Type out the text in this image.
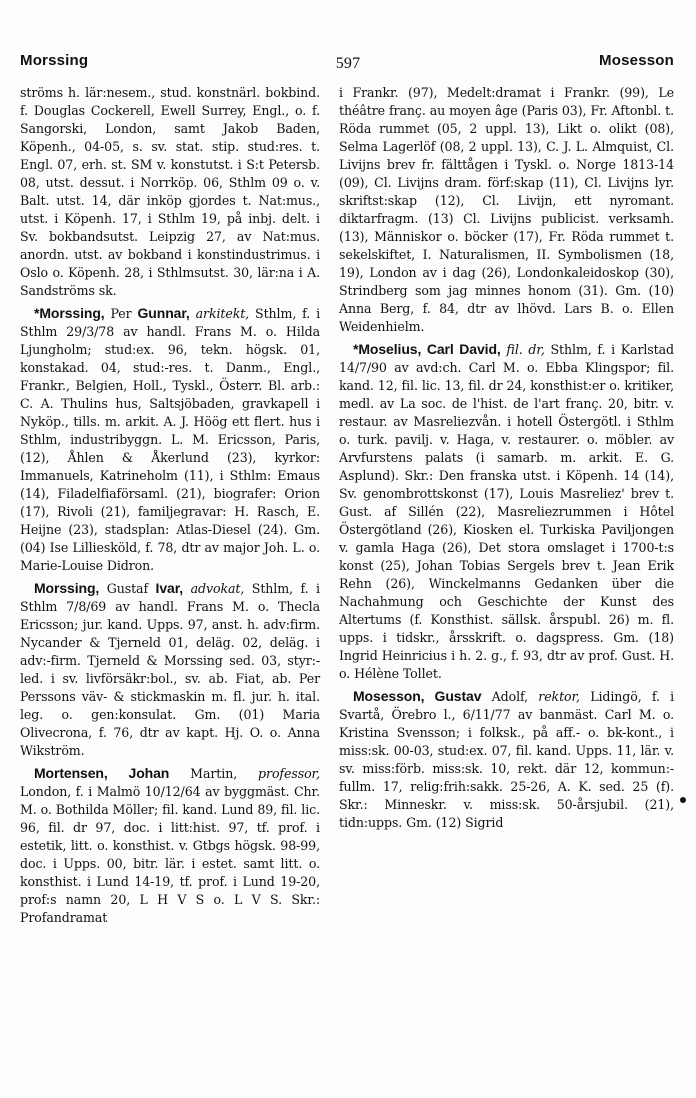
Morssing	597	Mosesson

ströms h. lär:nesem., stud. konstnärl. bokbind. f. Douglas Cockerell, Ewell Surrey, Engl., o. f. Sangorski, London, samt Jakob Baden, Köpenh., 04-05, s. sv. stat. stip. stud:res. t. Engl. 07, erh. st. SM v. konstutst. i S:t Petersb. 08, utst. dessut. i Norrköp. 06, Sthlm 09 o. v. Balt. utst. 14, där inköp gjordes t. Nat:mus., utst. i Köpenh. 17, i Sthlm 19, på inbj. delt. i Sv. bokbandsutst. Leipzig 27, av Nat:mus. anordn. utst. av bokband i konstindustrimus. i Oslo o. Köpenh. 28, i Sthlmsutst. 30, lär:na i A. Sandströms sk.

*Morssing, Per Gunnar, arkitekt, Sthlm, f. i Sthlm 29/3/78 av handl. Frans M. o. Hilda Ljungholm; stud:ex. 96, tekn. högsk. 01, konstakad. 04, stud:-res. t. Danm., Engl., Frankr., Belgien, Holl., Tyskl., Österr. Bl. arb.: C. A. Thulins hus, Saltsjöbaden, gravkapell i Nyköp., tills. m. arkit. A. J. Höög ett flert. hus i Sthlm, industribyggn. L. M. Ericsson, Paris, (12), Åhlen & Åkerlund (23), kyrkor: Immanuels, Katrineholm (11), i Sthlm: Emaus (14), Filadelfiaförsaml. (21), biografer: Orion (17), Rivoli (21), familjegravar: H. Rasch, E. Heijne (23), stadsplan: Atlas-Diesel (24). Gm. (04) Ise Lilliesköld, f. 78, dtr av major Joh. L. o. Marie-Louise Didron.

Morssing, Gustaf Ivar, advokat, Sthlm, f. i Sthlm 7/8/69 av handl. Frans M. o. Thecla Ericsson; jur. kand. Upps. 97, anst. h. adv:firm. Nycander & Tjerneld 01, deläg. 02, deläg. i adv:-firm. Tjerneld & Morssing sed. 03, styr:-led. i sv. livförsäkr:bol., sv. ab. Fiat, ab. Per Perssons väv- & stickmaskin m. fl. jur. h. ital. leg. o. gen:konsulat. Gm. (01) Maria Olivecrona, f. 76, dtr av kapt. Hj. O. o. Anna Wikström.

Mortensen, Johan Martin, professor, London, f. i Malmö 10/12/64 av byggmäst. Chr. M. o. Bothilda Möller; fil. kand. Lund 89, fil. lic. 96, fil. dr 97, doc. i litt:hist. 97, tf. prof. i estetik, litt. o. konsthist. v. Gtbgs högsk. 98-99, doc. i Upps. 00, bitr. lär. i estet. samt litt. o. konsthist. i Lund 14-19, tf. prof. i Lund 19-20, prof:s namn 20, L H V S o. L V S. Skr.: Profandramat

i Frankr. (97), Medelt:dramat i Frankr. (99), Le théâtre franç. au moyen âge (Paris 03), Fr. Aftonbl. t. Röda rummet (05, 2 uppl. 13), Likt o. olikt (08), Selma Lagerlöf (08, 2 uppl. 13), C. J. L. Almquist, Cl. Livijns brev fr. fälttågen i Tyskl. o. Norge 1813-14 (09), Cl. Livijns dram. förf:skap (11), Cl. Livijns lyr. skriftst:skap (12), Cl. Livijn, ett nyromant. diktarfragm. (13) Cl. Livijns publicist. verksamh. (13), Människor o. böcker (17), Fr. Röda rummet t. sekelskiftet, I. Naturalismen, II. Symbolismen (18, 19), London av i dag (26), Londonkaleidoskop (30), Strindberg som jag minnes honom (31). Gm. (10) Anna Berg, f. 84, dtr av lhövd. Lars B. o. Ellen Weidenhielm.

*Moselius, Carl David, fil. dr, Sthlm, f. i Karlstad 14/7/90 av avd:ch. Carl M. o. Ebba Klingspor; fil. kand. 12, fil. lic. 13, fil. dr 24, konsthist:er o. kritiker, medl. av La soc. de l'hist. de l'art franç. 20, bitr. v. restaur. av Masreliezvån. i hotell Östergötl. i Sthlm o. turk. pavilj. v. Haga, v. restaurer. o. möbler. av Arvfurstens palats (i samarb. m. arkit. E. G. Asplund). Skr.: Den franska utst. i Köpenh. 14 (14), Sv. genombrottskonst (17), Louis Masreliez' brev t. Gust. af Sillén (22), Masreliezrummen i Hôtel Östergötland (26), Kiosken el. Turkiska Paviljongen v. gamla Haga (26), Det stora omslaget i 1700-t:s konst (25), Johan Tobias Sergels brev t. Jean Erik Rehn (26), Winckelmanns Gedanken über die Nachahmung och Geschichte der Kunst des Altertums (f. Konsthist. sällsk. årspubl. 26) m. fl. upps. i tidskr., årsskrift. o. dagspress. Gm. (18) Ingrid Heinricius i h. 2. g., f. 93, dtr av prof. Gust. H. o. Hélène Tollet.

Mosesson, Gustav Adolf, rektor, Lidingö, f. i Svartå, Örebro l., 6/11/77 av banmäst. Carl M. o. Kristina Svensson; i folksk., på aff.- o. bk-kont., i miss:sk. 00-03, stud:ex. 07, fil. kand. Upps. 11, lär. v. sv. miss:förb. miss:sk. 10, rekt. där 12, kommun:-fullm. 17, relig:frih:sakk. 25-26, A. K. sed. 25 (f). Skr.: Minneskr. v. miss:sk. 50-årsjubil. (21), tidn:upps. Gm. (12) Sigrid
